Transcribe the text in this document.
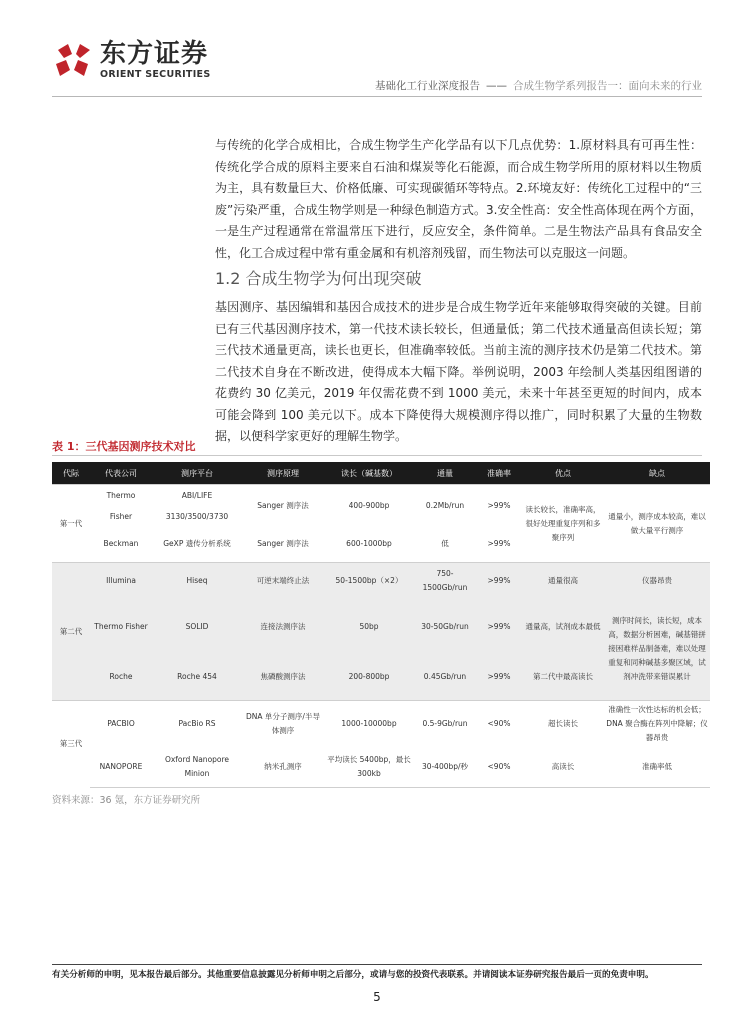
东方证券
ORIENT SECURITIES
基础化工行业深度报告 —— 合成生物学系列报告一：面向未来的行业

与传统的化学合成相比，合成生物学生产化学品有以下几点优势：1.原材料具有可再生性：传统化学合成的原料主要来自石油和煤炭等化石能源，而合成生物学所用的原材料以生物质为主，具有数量巨大、价格低廉、可实现碳循环等特点。2.环境友好：传统化工过程中的“三废”污染严重，合成生物学则是一种绿色制造方式。3.安全性高：安全性高体现在两个方面，一是生产过程通常在常温常压下进行，反应安全，条件简单。二是生物法产品具有食品安全性，化工合成过程中常有重金属和有机溶剂残留，而生物法可以克服这一问题。

1.2 合成生物学为何出现突破

基因测序、基因编辑和基因合成技术的进步是合成生物学近年来能够取得突破的关键。目前已有三代基因测序技术，第一代技术读长较长，但通量低；第二代技术通量高但读长短；第三代技术通量更高，读长也更长，但准确率较低。当前主流的测序技术仍是第二代技术。第二代技术自身在不断改进，使得成本大幅下降。举例说明，2003 年绘制人类基因组图谱的花费约 30 亿美元，2019 年仅需花费不到 1000 美元，未来十年甚至更短的时间内，成本可能会降到 100 美元以下。成本下降使得大规模测序得以推广，同时积累了大量的生物数据，以便科学家更好的理解生物学。

表 1：三代基因测序技术对比
代际	代表公司	测序平台	测序原理	读长（碱基数）	通量	准确率	优点	缺点
第一代	Thermo	ABI/LIFE	Sanger 测序法	400-900bp	0.2Mb/run	>99%	读长较长，准确率高，很好处理重复序列和多聚序列	通量小，测序成本较高，难以做大量平行测序
	Fisher	3130/3500/3730						
	Beckman	GeXP 遗传分析系统	Sanger 测序法	600-1000bp	低	>99%		
第二代	Illumina	Hiseq	可逆末端终止法	50-1500bp（×2）	750-1500Gb/run	>99%	通量很高	仪器昂贵
	Thermo Fisher	SOLID	连接法测序法	50bp	30-50Gb/run	>99%	通量高，试剂成本最低	测序时间长，读长短，成本高，数据分析困难，碱基错拼接困难样品制备难，难以处理重复和同种碱基多聚区域，试剂冲洗带来错误累计
	Roche	Roche 454	焦磷酸测序法	200-800bp	0.45Gb/run	>99%	第二代中最高读长	
第三代	PACBIO	PacBio RS	DNA 单分子测序/半导体测序	1000-10000bp	0.5-9Gb/run	<90%	超长读长	准确性一次性达标的机会低；DNA 聚合酶在阵列中降解；仪器昂贵
	NANOPORE	Oxford Nanopore Minion	纳米孔测序	平均读长 5400bp，最长 300kb	30-400bp/秒	<90%	高读长	准确率低
资料来源：36 氪，东方证券研究所
有关分析师的申明，见本报告最后部分。其他重要信息披露见分析师申明之后部分，或请与您的投资代表联系。并请阅读本证券研究报告最后一页的免责申明。
5
